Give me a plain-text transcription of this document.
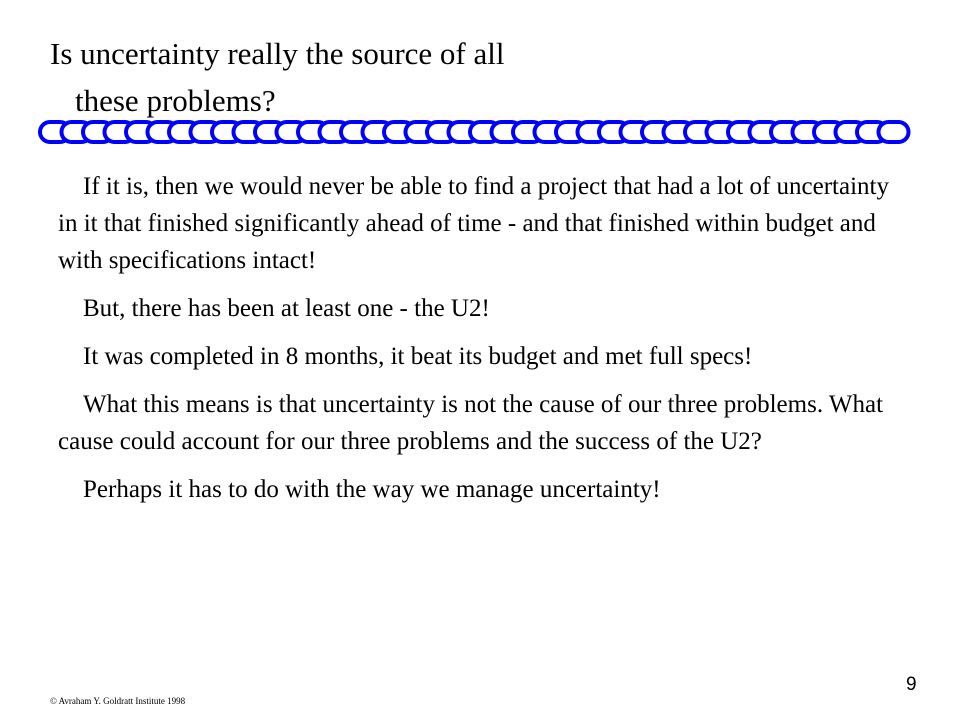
Is uncertainty really the source of all
these problems?

If it is, then we would never be able to find a project that had a lot of uncertainty in it that finished significantly ahead of time - and that finished within budget and with specifications intact!

But, there has been at least one - the U2!

It was completed in 8 months, it beat its budget and met full specs!

What this means is that uncertainty is not the cause of our three problems. What cause could account for our three problems and the success of the U2?

Perhaps it has to do with the way we manage uncertainty!

© Avraham Y. Goldratt Institute 1998
9
